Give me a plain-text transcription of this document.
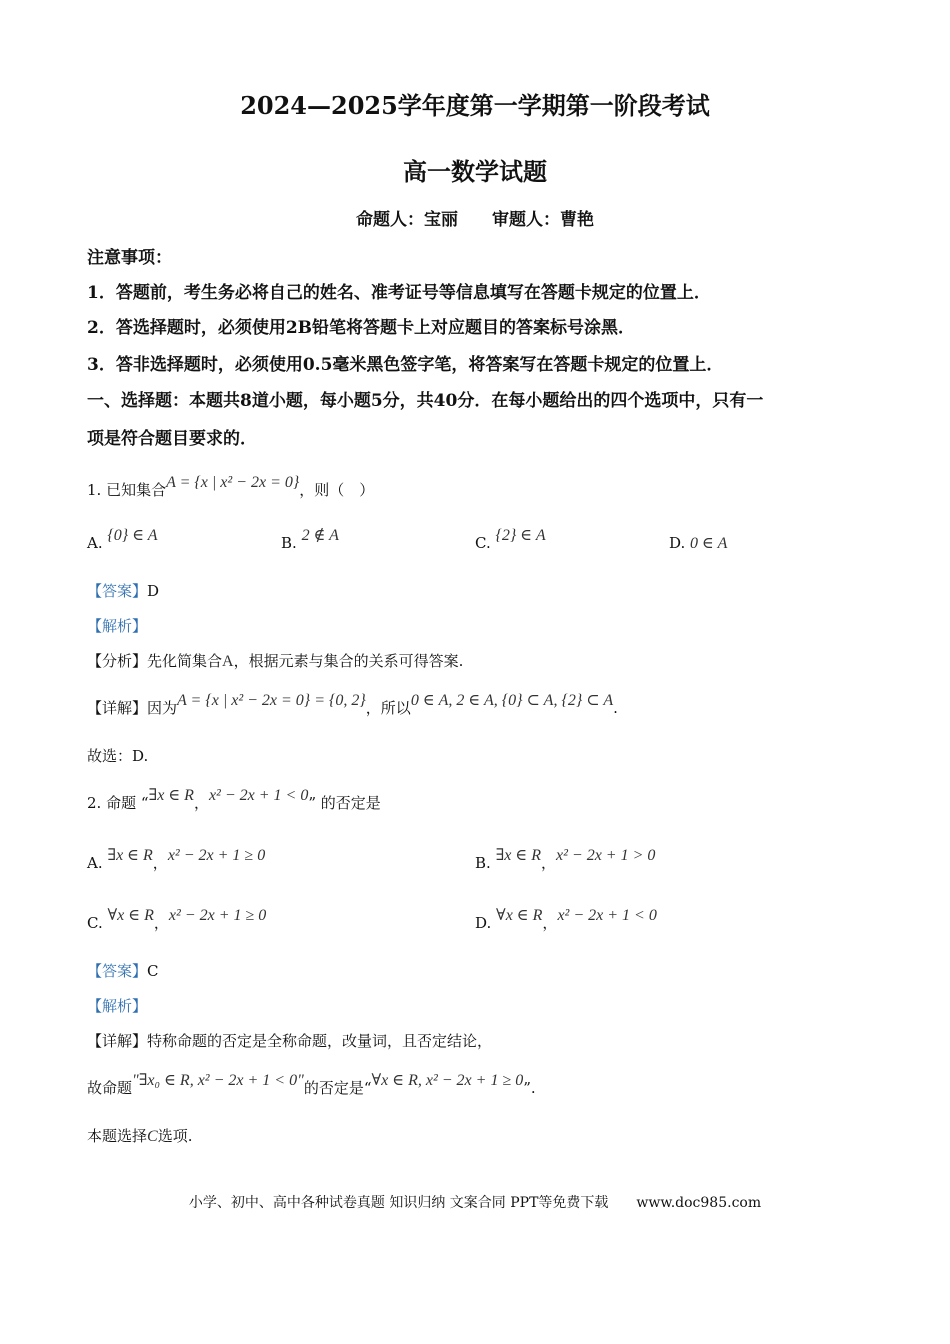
2024—2025学年度第一学期第一阶段考试
高一数学试题
命题人：宝丽　　审题人：曹艳
注意事项：
1．答题前，考生务必将自己的姓名、准考证号等信息填写在答题卡规定的位置上．
2．答选择题时，必须使用2B铅笔将答题卡上对应题目的答案标号涂黑．
3．答非选择题时，必须使用0.5毫米黑色签字笔，将答案写在答题卡规定的位置上．
一、选择题：本题共8道小题，每小题5分，共40分．在每小题给出的四个选项中，只有一
项是符合题目要求的．
1. 已知集合A = {x | x² − 2x = 0}，则（　）
A. {0} ∈ A	B. 2 ∉ A	C. {2} ∈ A	D. 0 ∈ A
【答案】D
【解析】
【分析】先化简集合A，根据元素与集合的关系可得答案.
【详解】因为A = {x | x² − 2x = 0} = {0, 2}，所以0 ∈ A, 2 ∈ A, {0} ⊂ A, {2} ⊂ A.
故选：D.
2. 命题 “∃x ∈ R，x² − 2x + 1 < 0” 的否定是
A. ∃x ∈ R，x² − 2x + 1 ≥ 0	B. ∃x ∈ R，x² − 2x + 1 > 0
C. ∀x ∈ R，x² − 2x + 1 ≥ 0	D. ∀x ∈ R，x² − 2x + 1 < 0
【答案】C
【解析】
【详解】特称命题的否定是全称命题，改量词，且否定结论，
故命题"∃x₀ ∈ R, x² − 2x + 1 < 0"的否定是“∀x ∈ R, x² − 2x + 1 ≥ 0”.
本题选择C选项.
小学、初中、高中各种试卷真题 知识归纳 文案合同 PPT等免费下载　　 www.doc985.com
